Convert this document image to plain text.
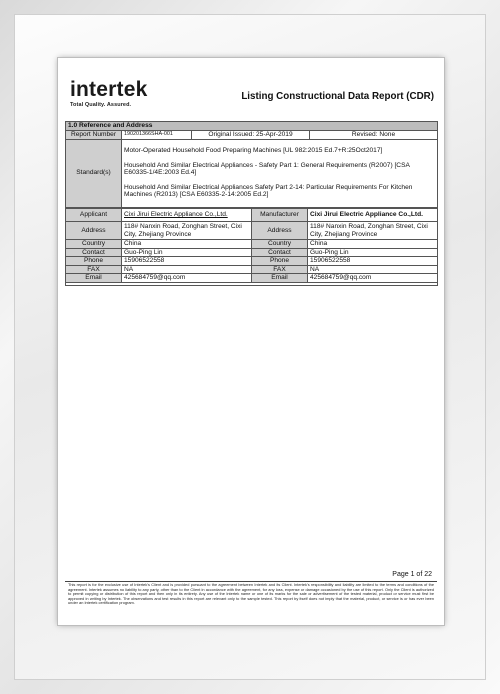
intertek
Total Quality. Assured.
Listing Constructional Data Report (CDR)
1.0 Reference and Address			
Report Number	190201366SHA-001	Original Issued: 25-Apr-2019	Revised: None
Standard(s)	Motor-Operated Household Food Preparing Machines [UL 982:2015 Ed.7+R:25Oct2017]

Household And Similar Electrical Appliances - Safety Part 1: General Requirements (R2007) [CSA E60335-1/4E:2003 Ed.4]

Household And Similar Electrical Appliances Safety Part 2-14: Particular Requirements For Kitchen Machines (R2013) [CSA E60335-2-14:2005 Ed.2]		

Applicant	Cixi Jirui Electric Appliance Co.,Ltd.	Manufacturer	Cixi Jirui Electric Appliance Co.,Ltd.
Address	118# Nanxin Road, Zonghan Street, Cixi City, Zhejiang Province	Address	118# Nanxin Road, Zonghan Street, Cixi City, Zhejiang Province
Country	China	Country	China
Contact	Guo-Ping Lin	Contact	Guo-Ping Lin
Phone	15906522558	Phone	15906522558
FAX	NA	FAX	NA
Email	425684759@qq.com	Email	425684759@qq.com

Page 1 of 22
This report is for the exclusive use of Intertek's Client and is provided pursuant to the agreement between Intertek and its Client. Intertek's responsibility and liability are limited to the terms and conditions of the agreement. Intertek assumes no liability to any party, other than to the Client in accordance with the agreement, for any loss, expense or damage occasioned by the use of this report. Only the Client is authorized to permit copying or distribution of this report and then only in its entirety. Any use of the Intertek name or one of its marks for the sale or advertisement of the tested material, product or service must first be approved in writing by Intertek. The observations and test results in this report are relevant only to the sample tested. This report by itself does not imply that the material, product, or service is or has ever been under an Intertek certification program.
